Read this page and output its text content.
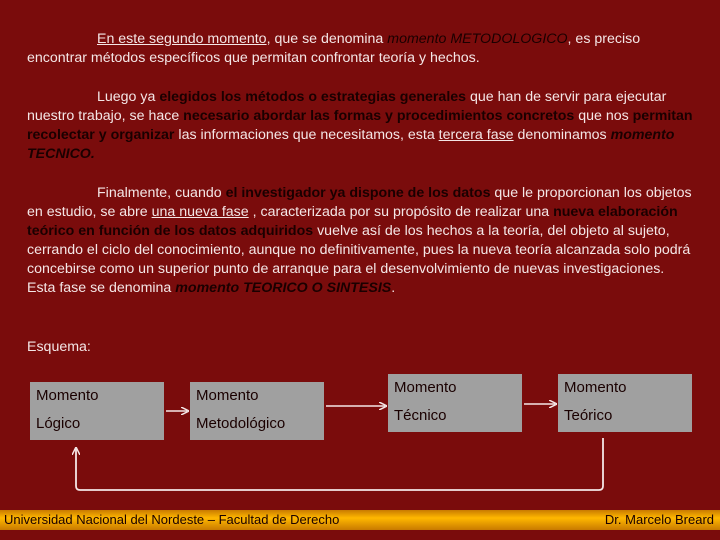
En este segundo momento, que se denomina momento METODOLOGICO, es preciso encontrar métodos específicos que permitan confrontar teoría y hechos.

Luego ya elegidos los métodos o estrategias generales que han de servir para ejecutar nuestro trabajo, se hace necesario abordar las formas y procedimientos concretos que nos permitan recolectar y organizar las informaciones que necesitamos, esta tercera fase denominamos momento TECNICO.

Finalmente, cuando el investigador ya dispone de los datos que le proporcionan los objetos en estudio, se abre una nueva fase , caracterizada por su propósito de realizar una nueva elaboración teórico en función de los datos adquiridos vuelve así de los hechos a la teoría, del objeto al sujeto, cerrando el ciclo del conocimiento, aunque no definitivamente, pues la nueva teoría alcanzada solo podrá concebirse como un superior punto de arranque para el desenvolvimiento de nuevas investigaciones. Esta fase se denomina momento TEORICO O SINTESIS.

Esquema:
Momento
Lógico
Momento
Metodológico
Momento
Técnico
Momento
Teórico
Universidad Nacional del Nordeste – Facultad de Derecho	Dr. Marcelo Breard
